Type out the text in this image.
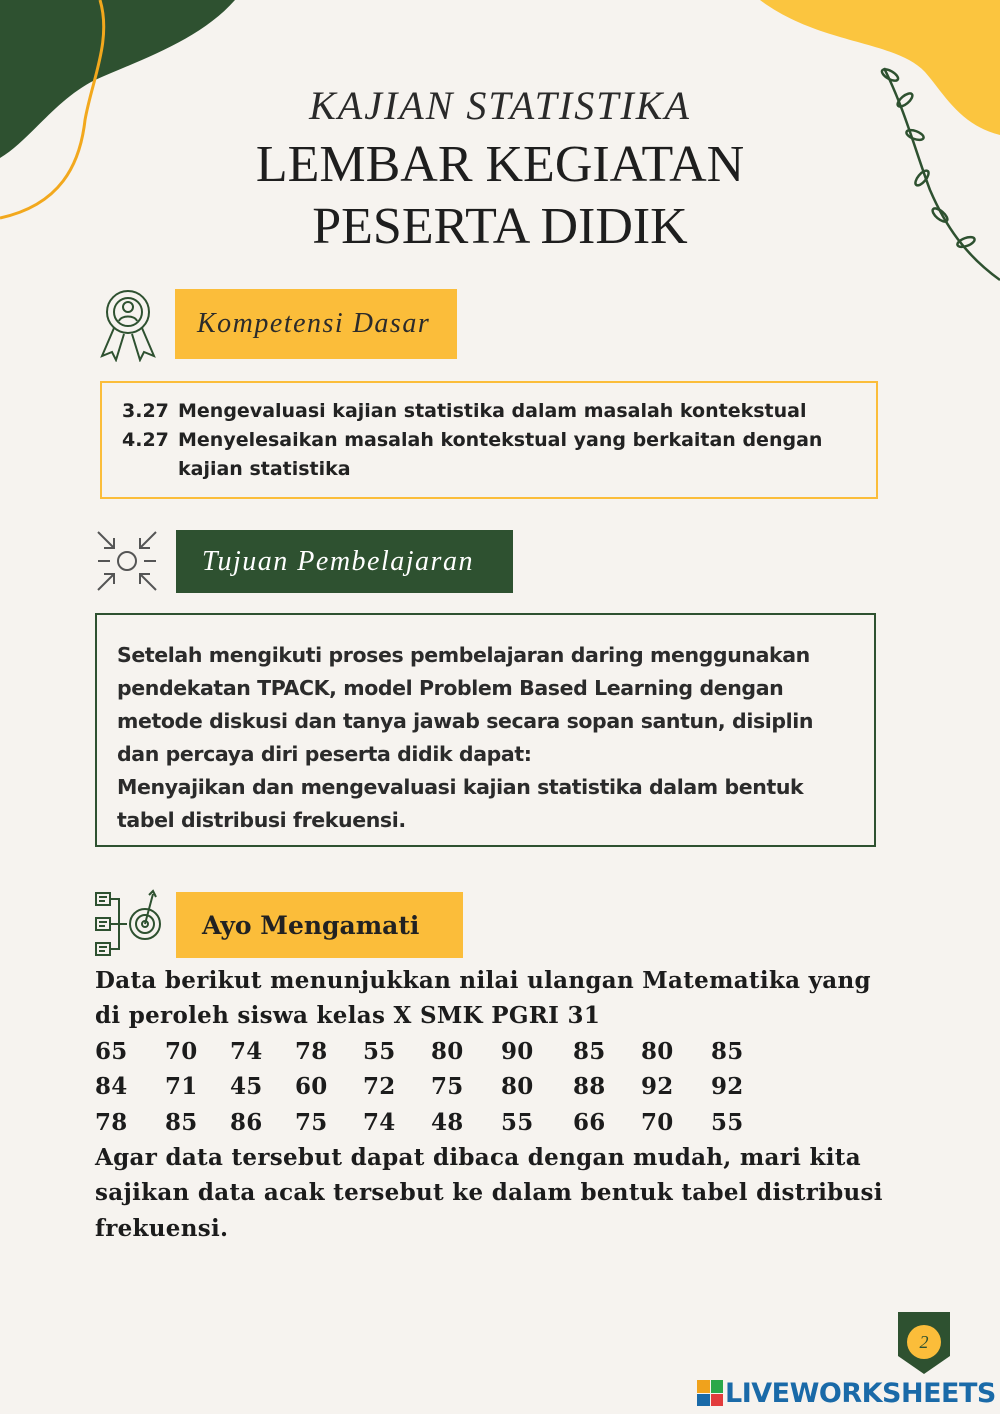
KAJIAN STATISTIKA
LEMBAR KEGIATAN
PESERTA DIDIK
Kompetensi Dasar
3.27 Mengevaluasi kajian statistika dalam masalah kontekstual
4.27 Menyelesaikan masalah kontekstual yang berkaitan dengan kajian statistika
Tujuan Pembelajaran
Setelah mengikuti proses pembelajaran daring menggunakan pendekatan TPACK, model Problem Based Learning dengan metode diskusi dan tanya jawab secara sopan santun, disiplin dan percaya diri peserta didik dapat:
Menyajikan dan mengevaluasi kajian statistika dalam bentuk tabel distribusi frekuensi.
Ayo Mengamati
Data berikut menunjukkan nilai ulangan Matematika yang di peroleh siswa kelas X SMK PGRI 31
65 70 74 78 55 80 90 85 80 85
84 71 45 60 72 75 80 88 92 92
78 85 86 75 74 48 55 66 70 55
Agar data tersebut dapat dibaca dengan mudah, mari kita sajikan data acak tersebut ke dalam bentuk tabel distribusi frekuensi.
2
LIVEWORKSHEETS
